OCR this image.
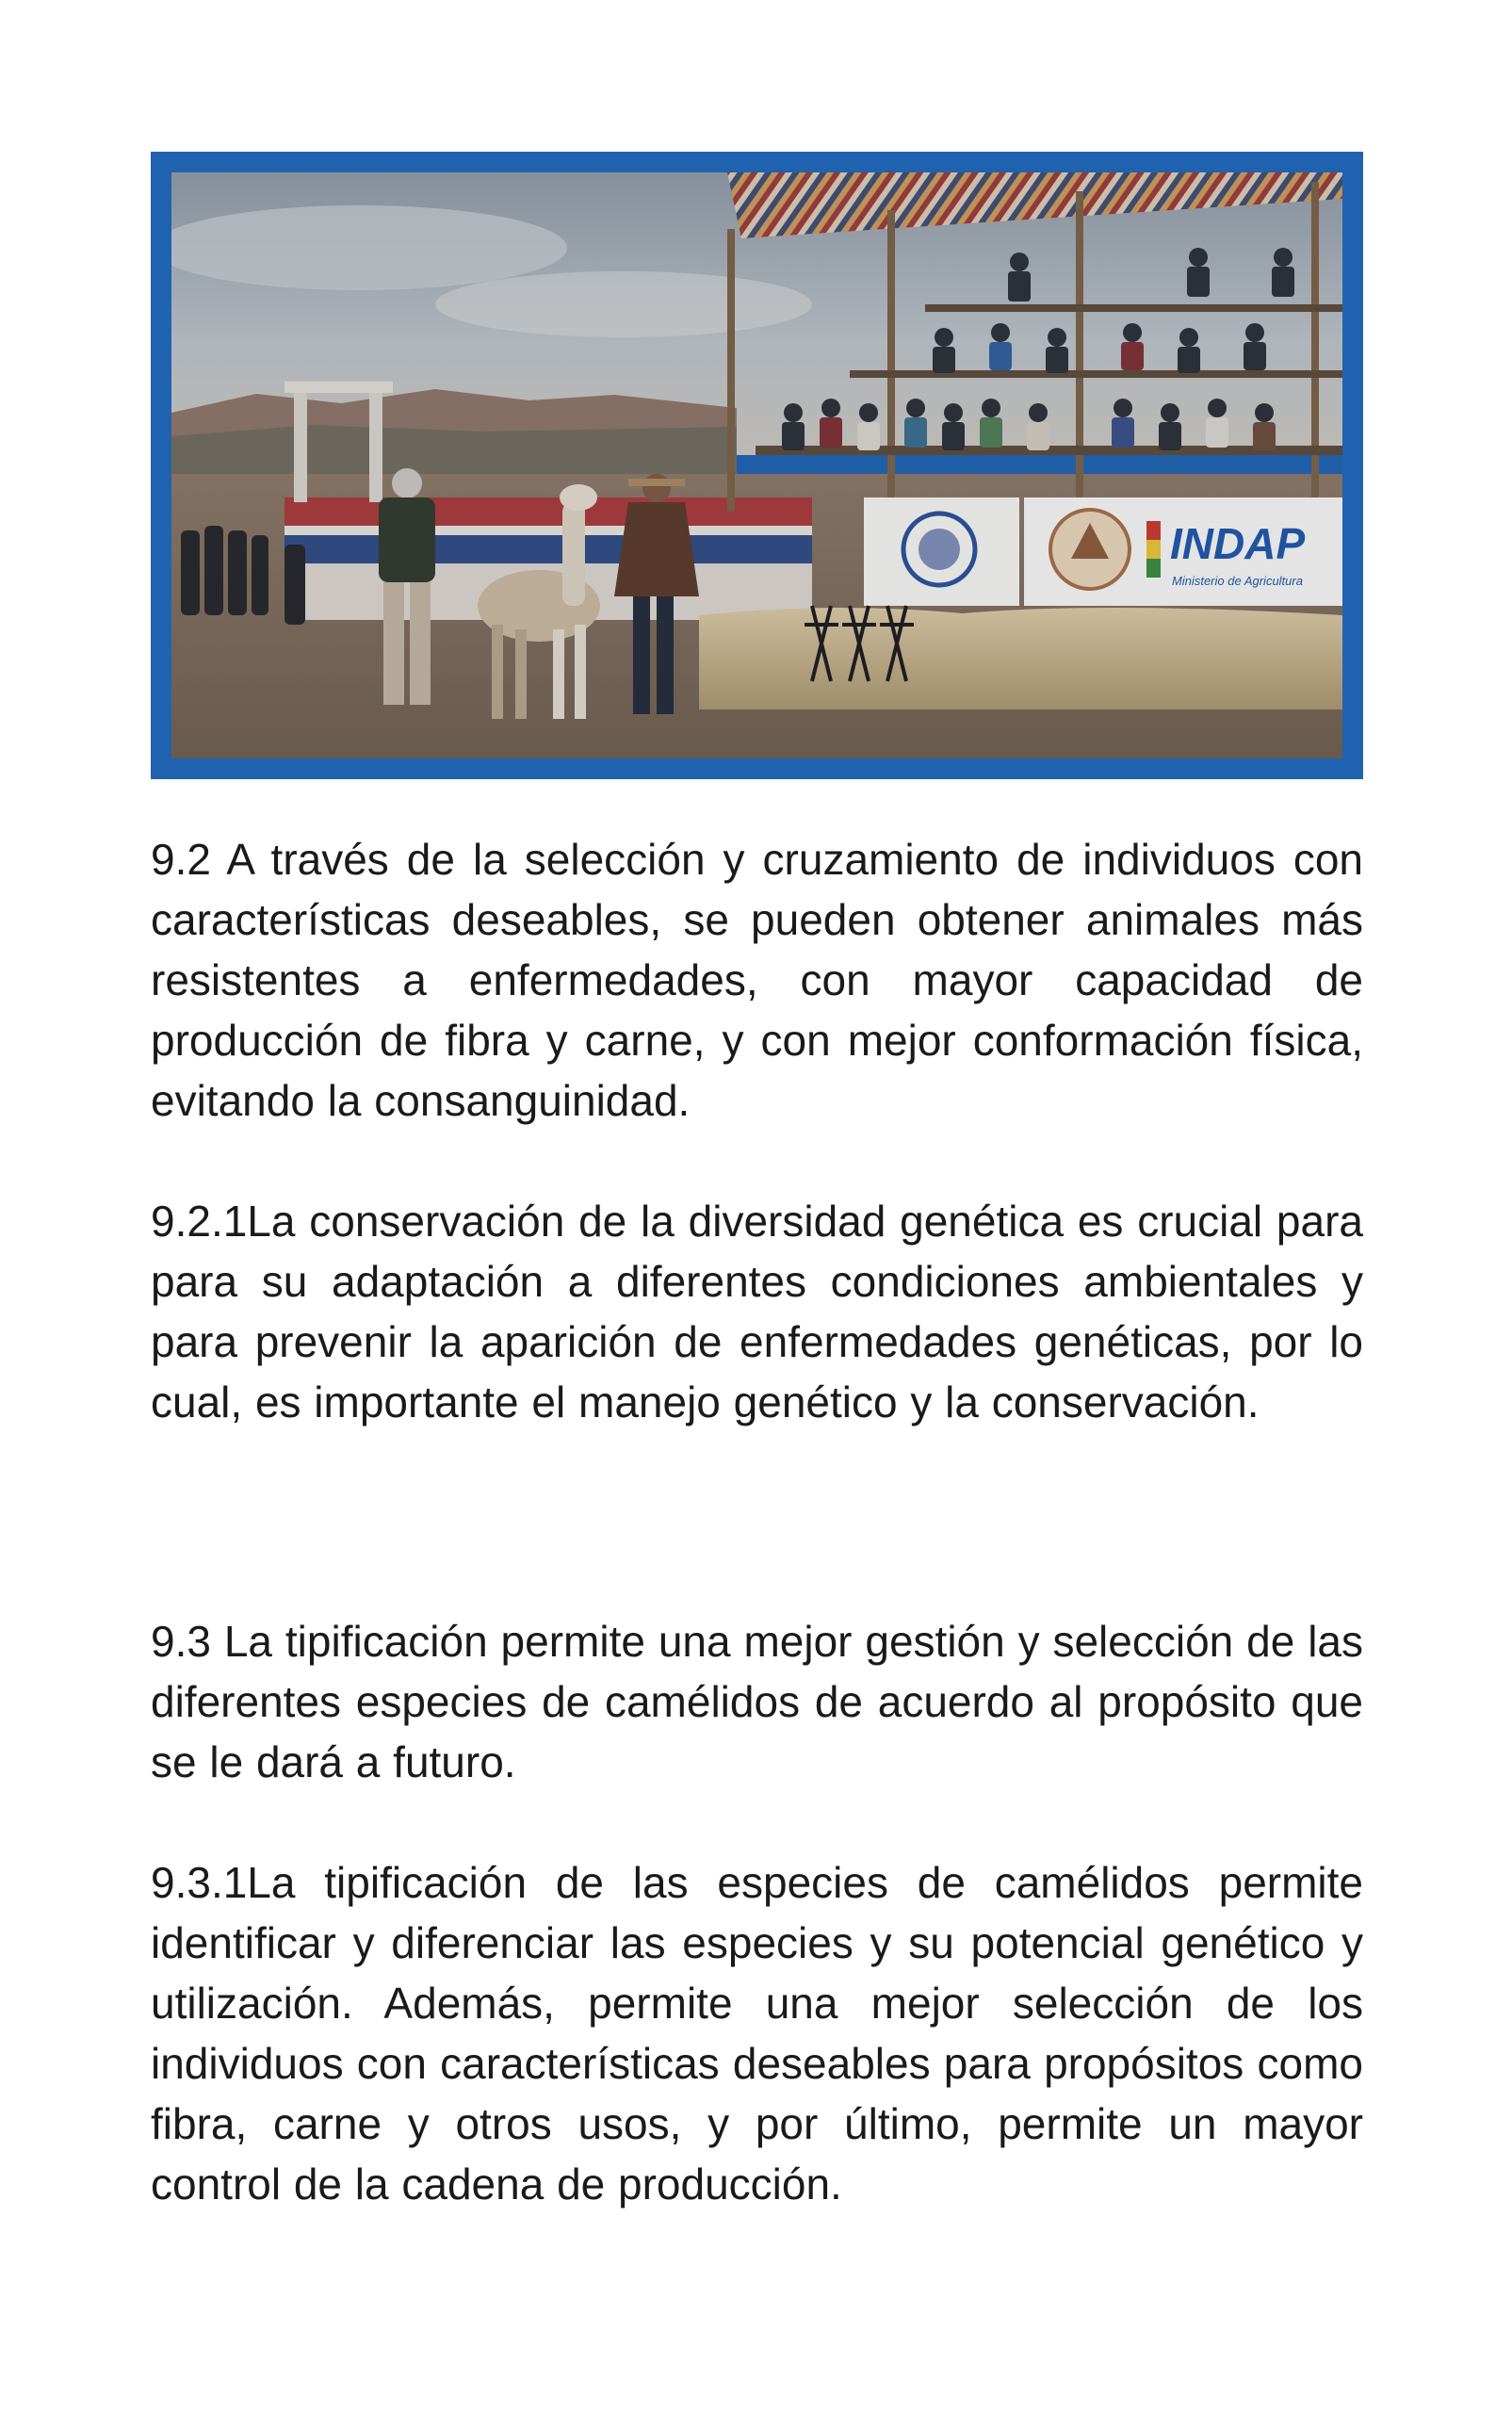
INDAP
Ministerio de Agricultura

9.2 A través de la selección y cruzamiento de individuos con características deseables, se pueden obtener animales más resistentes a enfermedades, con mayor capacidad de producción de fibra y carne, y con mejor conformación física, evitando la consanguinidad.

9.2.1La conservación de la diversidad genética es crucial para para su adaptación a diferentes condiciones ambientales y para prevenir la aparición de enfermedades genéticas, por lo cual, es importante el manejo genético y la conservación.

9.3 La tipificación permite una mejor gestión y selección de las diferentes especies de camélidos de acuerdo al propósito que se le dará a futuro.

9.3.1La tipificación de las especies de camélidos permite identificar y diferenciar las especies y su potencial genético y utilización. Además, permite una mejor selección de los individuos con características deseables para propósitos como fibra, carne y otros usos, y por último, permite un mayor control de la cadena de producción.
